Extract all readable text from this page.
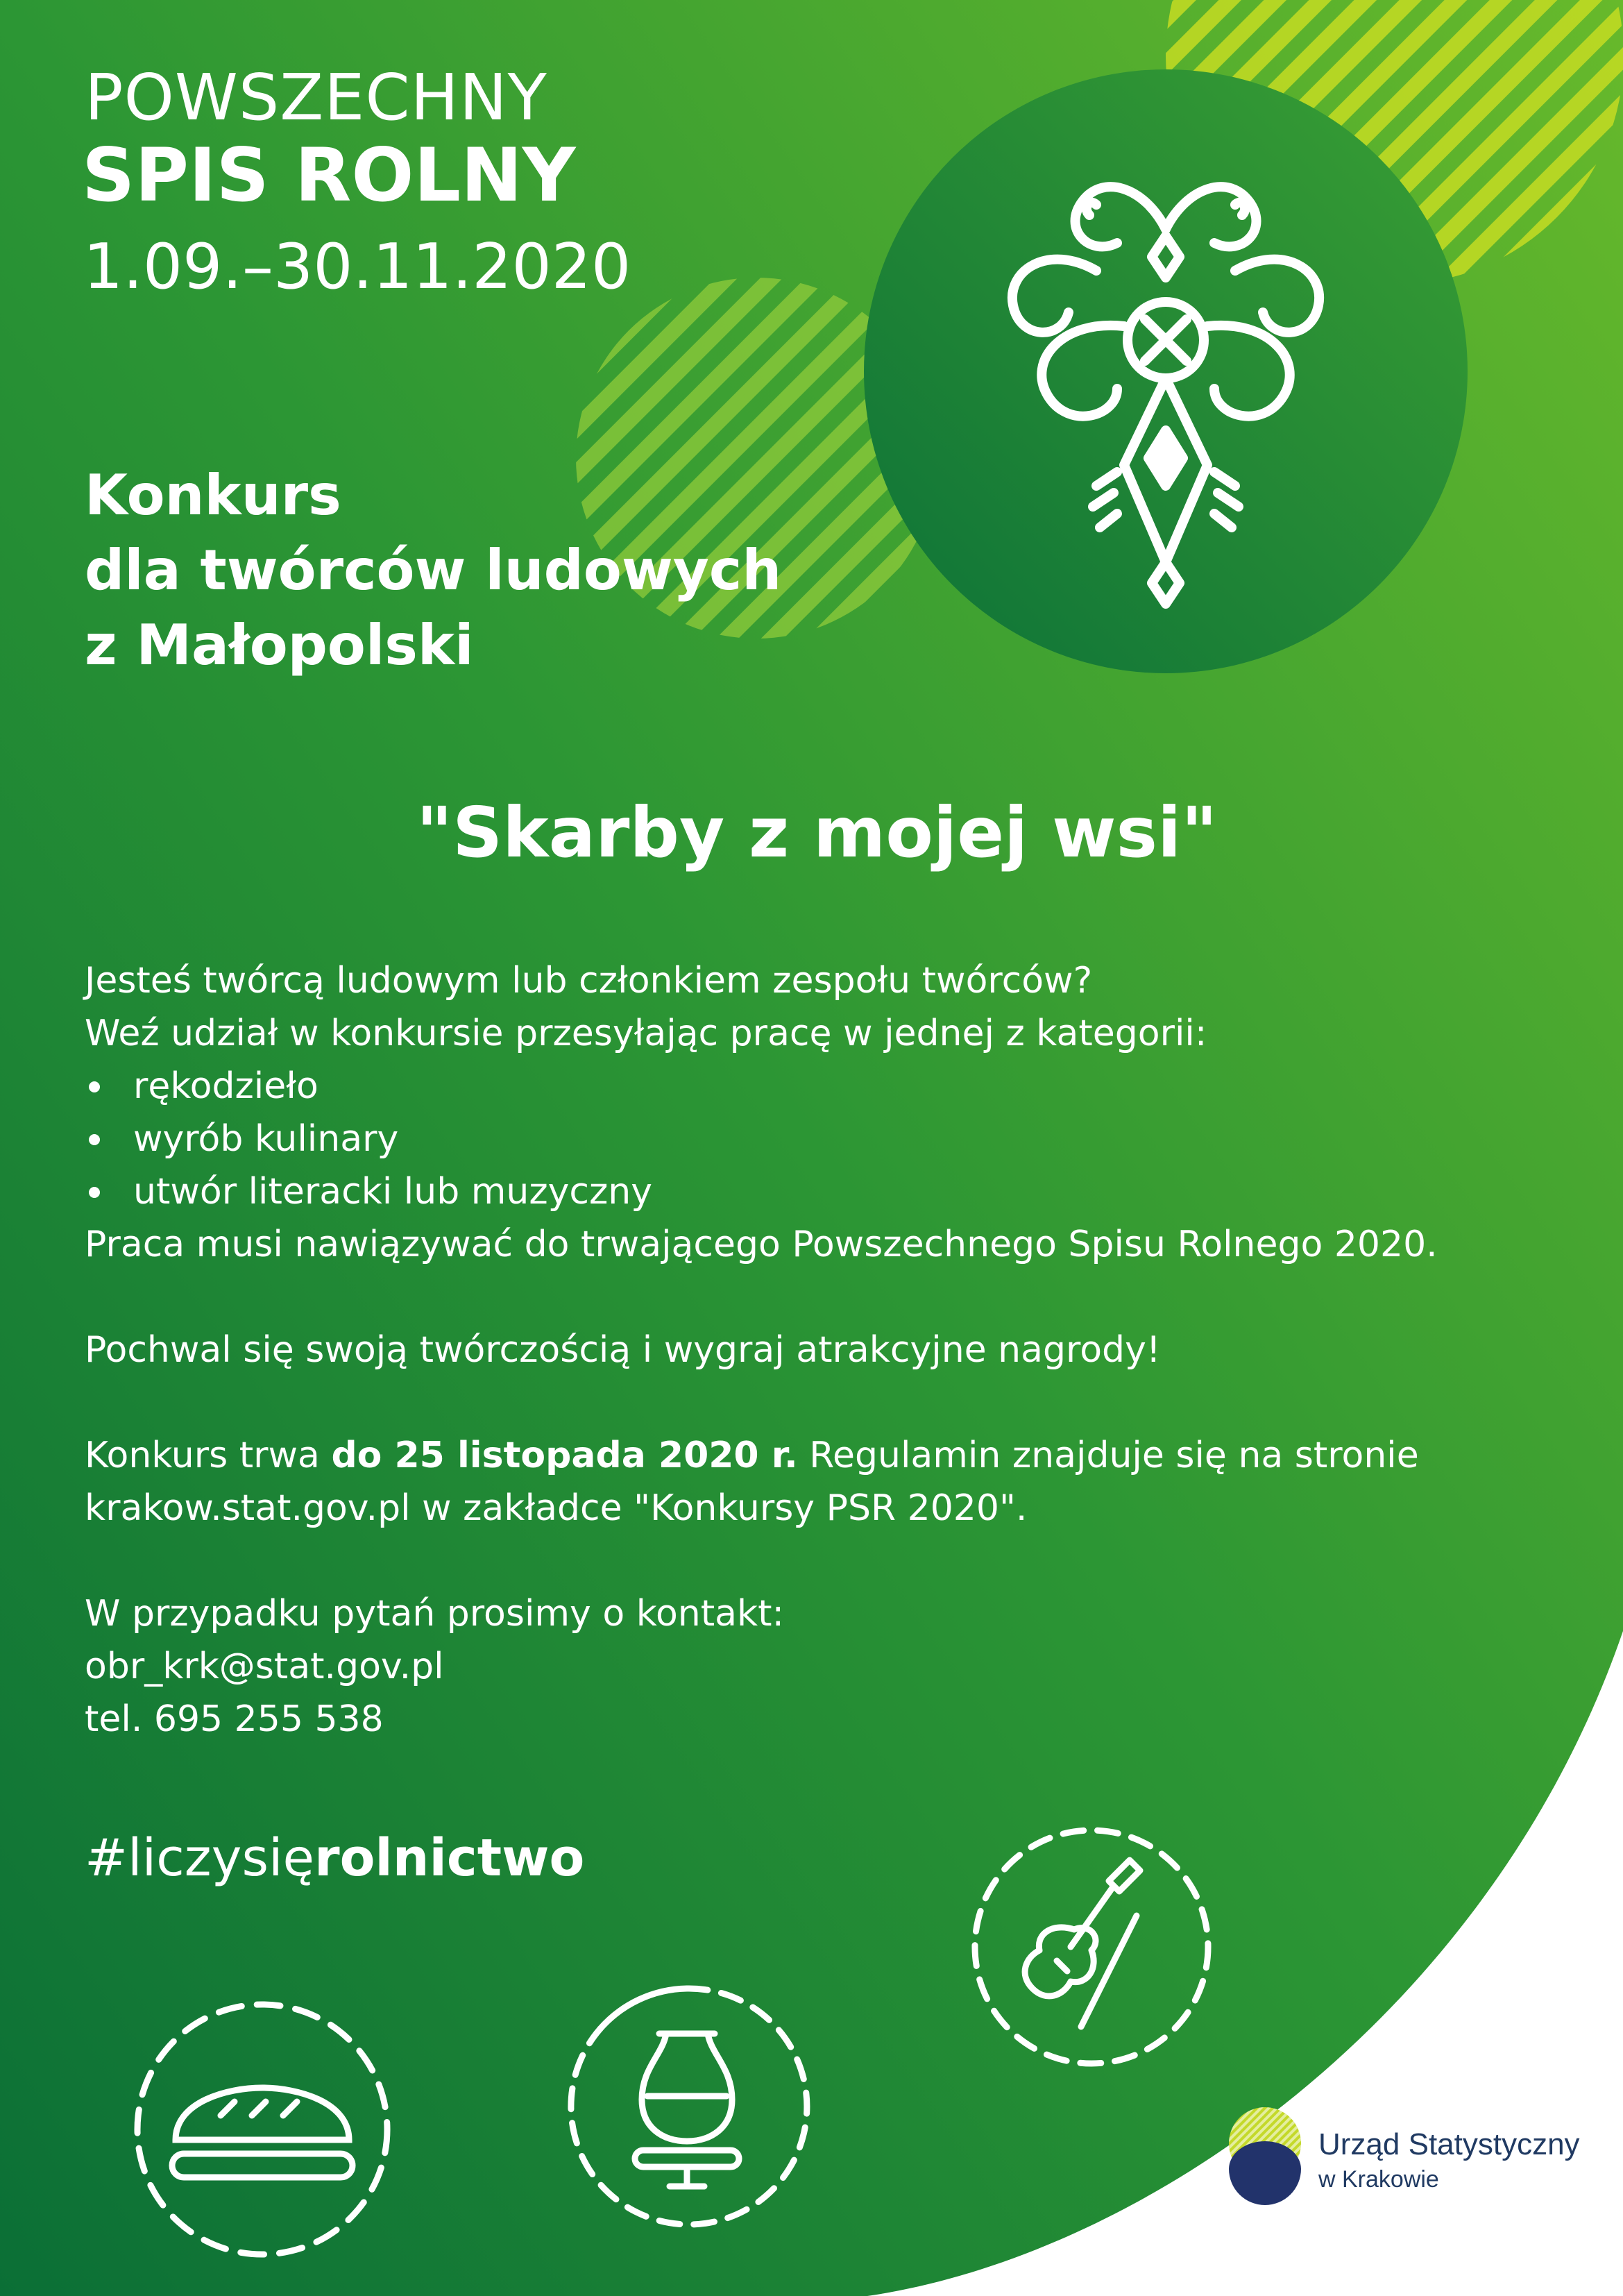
POWSZECHNY
SPIS ROLNY
1.09.–30.11.2020
Konkurs
dla twórców ludowych
z Małopolski
"Skarby z mojej wsi"

Jesteś twórcą ludowym lub członkiem zespołu twórców?

Weź udział w konkursie przesyłając pracę w jednej z kategorii:

rękodzieło
wyrób kulinary
utwór literacki lub muzyczny

Praca musi nawiązywać do trwającego Powszechnego Spisu Rolnego 2020.

Pochwal się swoją twórczością i wygraj atrakcyjne nagrody!

Konkurs trwa do 25 listopada 2020 r. Regulamin znajduje się na stronie

krakow.stat.gov.pl w zakładce "Konkursy PSR 2020".

W przypadku pytań prosimy o kontakt:

obr_krk@stat.gov.pl

tel. 695 255 538

#liczysięrolnictwo
Urząd Statystyczny
w Krakowie
